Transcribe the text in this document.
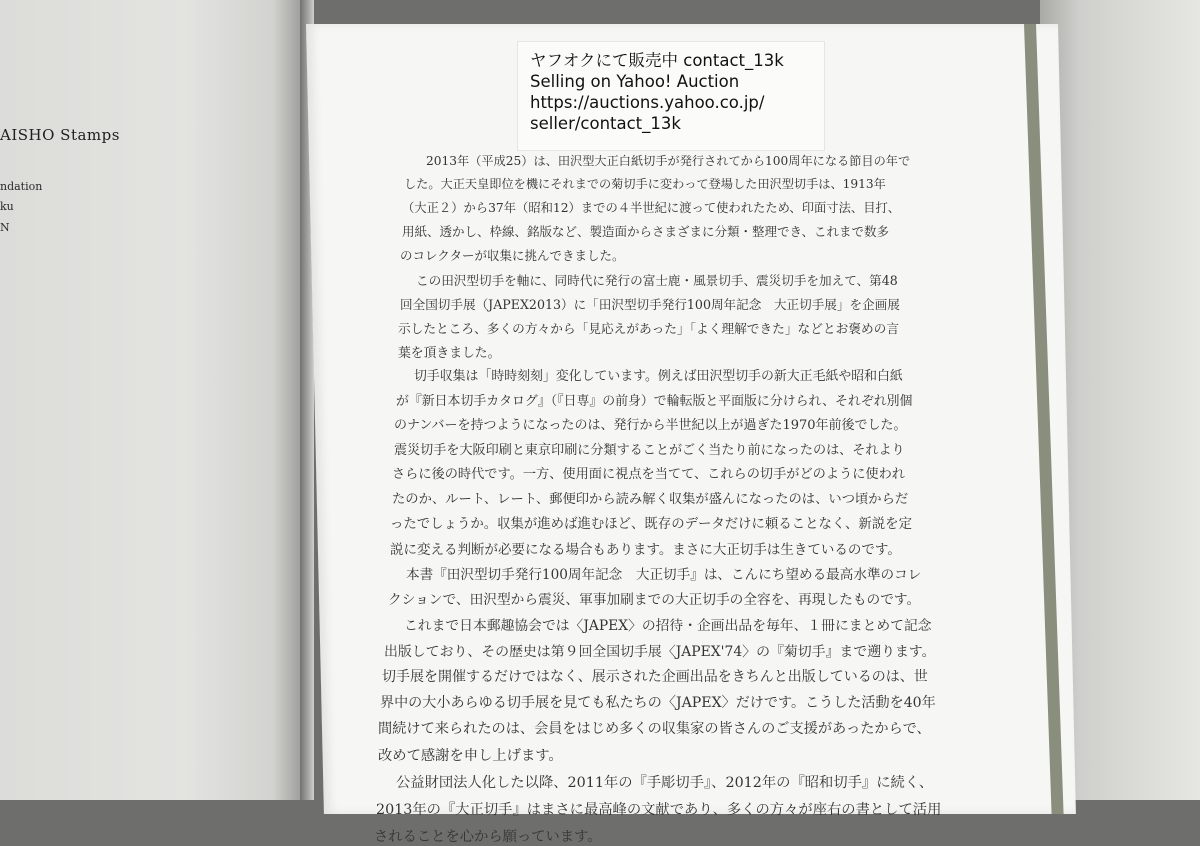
AISHO Stamps
ndation
ku
N
ヤフオクにて販売中 contact_13k
Selling on Yahoo! Auction
https://auctions.yahoo.co.jp/
seller/contact_13k
2013年（平成25）は、田沢型大正白紙切手が発行されてから100周年になる節目の年で
した。大正天皇即位を機にそれまでの菊切手に変わって登場した田沢型切手は、1913年
（大正２）から37年（昭和12）までの４半世紀に渡って使われたため、印面寸法、目打、
用紙、透かし、枠線、銘版など、製造面からさまざまに分類・整理でき、これまで数多
のコレクターが収集に挑んできました。
この田沢型切手を軸に、同時代に発行の富士鹿・風景切手、震災切手を加えて、第48
回全国切手展（JAPEX2013）に「田沢型切手発行100周年記念　大正切手展」を企画展
示したところ、多くの方々から「見応えがあった」「よく理解できた」などとお褒めの言
葉を頂きました。
切手収集は「時時刻刻」変化しています。例えば田沢型切手の新大正毛紙や昭和白紙
が『新日本切手カタログ』（『日専』の前身）で輪転版と平面版に分けられ、それぞれ別個
のナンバーを持つようになったのは、発行から半世紀以上が過ぎた1970年前後でした。
震災切手を大阪印刷と東京印刷に分類することがごく当たり前になったのは、それより
さらに後の時代です。一方、使用面に視点を当てて、これらの切手がどのように使われ
たのか、ルート、レート、郵便印から読み解く収集が盛んになったのは、いつ頃からだ
ったでしょうか。収集が進めば進むほど、既存のデータだけに頼ることなく、新説を定
説に変える判断が必要になる場合もあります。まさに大正切手は生きているのです。
本書『田沢型切手発行100周年記念　大正切手』は、こんにち望める最高水準のコレ
クションで、田沢型から震災、軍事加刷までの大正切手の全容を、再現したものです。
これまで日本郵趣協会では〈JAPEX〉の招待・企画出品を毎年、１冊にまとめて記念
出版しており、その歴史は第９回全国切手展〈JAPEX'74〉の『菊切手』まで遡ります。
切手展を開催するだけではなく、展示された企画出品をきちんと出版しているのは、世
界中の大小あらゆる切手展を見ても私たちの〈JAPEX〉だけです。こうした活動を40年
間続けて来られたのは、会員をはじめ多くの収集家の皆さんのご支援があったからで、
改めて感謝を申し上げます。
公益財団法人化した以降、2011年の『手彫切手』、2012年の『昭和切手』に続く、
2013年の『大正切手』はまさに最高峰の文献であり、多くの方々が座右の書として活用
されることを心から願っています。
